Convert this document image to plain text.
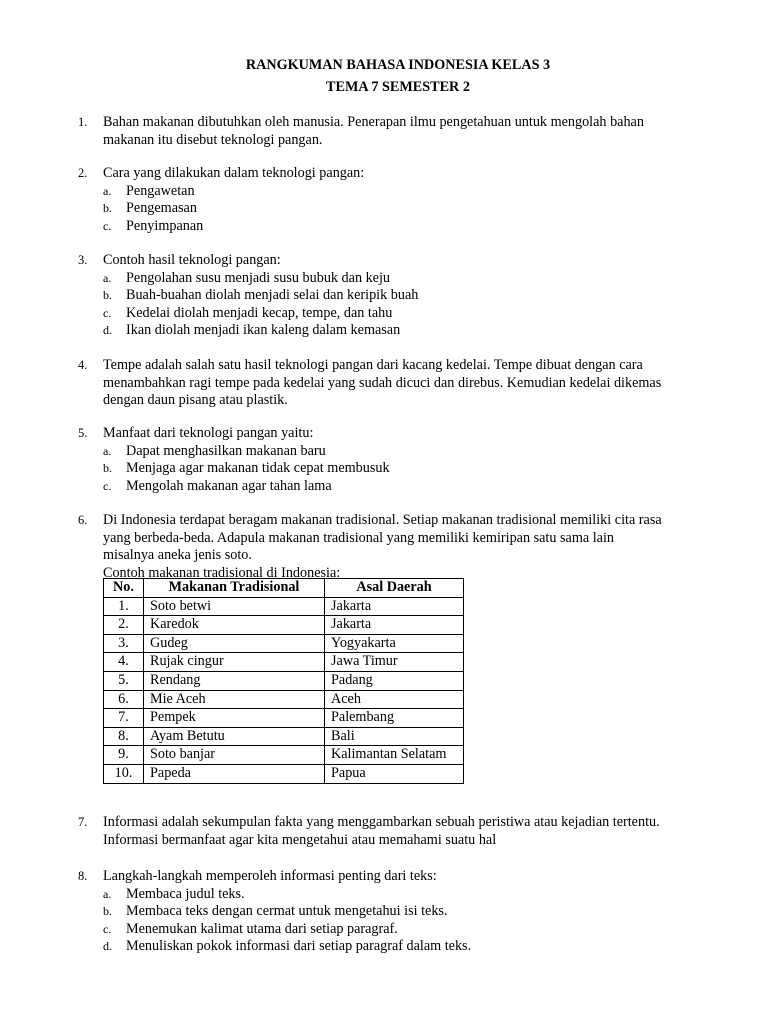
RANGKUMAN BAHASA INDONESIA KELAS 3
TEMA 7 SEMESTER 2
1. Bahan makanan dibutuhkan oleh manusia. Penerapan ilmu pengetahuan untuk mengolah bahan
makanan itu disebut teknologi pangan.
2. Cara yang dilakukan dalam teknologi pangan:
a. Pengawetan
b. Pengemasan
c. Penyimpanan
3. Contoh hasil teknologi pangan:
a. Pengolahan susu menjadi susu bubuk dan keju
b. Buah-buahan diolah menjadi selai dan keripik buah
c. Kedelai diolah menjadi kecap, tempe, dan tahu
d. Ikan diolah menjadi ikan kaleng dalam kemasan
4. Tempe adalah salah satu hasil teknologi pangan dari kacang kedelai. Tempe dibuat dengan cara
menambahkan ragi tempe pada kedelai yang sudah dicuci dan direbus. Kemudian kedelai dikemas
dengan daun pisang atau plastik.
5. Manfaat dari teknologi pangan yaitu:
a. Dapat menghasilkan makanan baru
b. Menjaga agar makanan tidak cepat membusuk
c. Mengolah makanan agar tahan lama
6. Di Indonesia terdapat beragam makanan tradisional. Setiap makanan tradisional memiliki cita rasa
yang berbeda-beda. Adapula makanan tradisional yang memiliki kemiripan satu sama lain
misalnya aneka jenis soto.
Contoh makanan tradisional di Indonesia:
No.	Makanan Tradisional	Asal Daerah
1.	Soto betwi	Jakarta
2.	Karedok	Jakarta
3.	Gudeg	Yogyakarta
4.	Rujak cingur	Jawa Timur
5.	Rendang	Padang
6.	Mie Aceh	Aceh
7.	Pempek	Palembang
8.	Ayam Betutu	Bali
9.	Soto banjar	Kalimantan Selatam
10.	Papeda	Papua
7. Informasi adalah sekumpulan fakta yang menggambarkan sebuah peristiwa atau kejadian tertentu.
Informasi bermanfaat agar kita mengetahui atau memahami suatu hal
8. Langkah-langkah memperoleh informasi penting dari teks:
a. Membaca judul teks.
b. Membaca teks dengan cermat untuk mengetahui isi teks.
c. Menemukan kalimat utama dari setiap paragraf.
d. Menuliskan pokok informasi dari setiap paragraf dalam teks.
